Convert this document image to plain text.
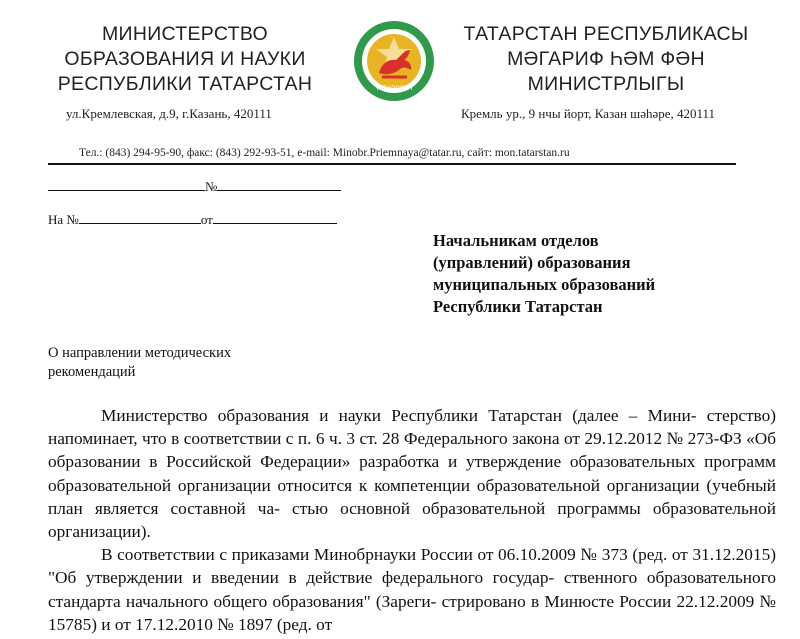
МИНИСТЕРСТВО
ОБРАЗОВАНИЯ И НАУКИ
РЕСПУБЛИКИ ТАТАРСТАН	ТАТАРСТАН
ТАТАРСТАН РЕСПУБЛИКАСЫ
МӘГАРИФ ҺӘМ ФӘН
МИНИСТРЛЫГЫ
ул.Кремлевская, д.9, г.Казань, 420111	Кремль ур., 9 нчы йорт, Казан шәһәре, 420111
Тел.: (843) 294-95-90, факс: (843) 292-93-51, e-mail: Minobr.Priemnaya@tatar.ru, сайт: mon.tatarstan.ru
№
На №	от
Начальникам отделов
(управлений) образования
муниципальных образований
Республики Татарстан
О направлении методических
рекомендаций

Министерство образования и науки Республики Татарстан (далее – Мини- стерство) напоминает, что в соответствии с п. 6 ч. 3 ст. 28 Федерального закона от 29.12.2012 № 273-ФЗ «Об образовании в Российской Федерации» разработка и утверждение образовательных программ образовательной организации относится к компетенции образовательной организации (учебный план является составной ча- стью основной образовательной программы образовательной организации).

В соответствии с приказами Минобрнауки России от 06.10.2009 № 373 (ред. от 31.12.2015) "Об утверждении и введении в действие федерального государ- ственного образовательного стандарта начального общего образования" (Зареги- стрировано в Минюсте России 22.12.2009 № 15785) и от 17.12.2010 № 1897 (ред. от
